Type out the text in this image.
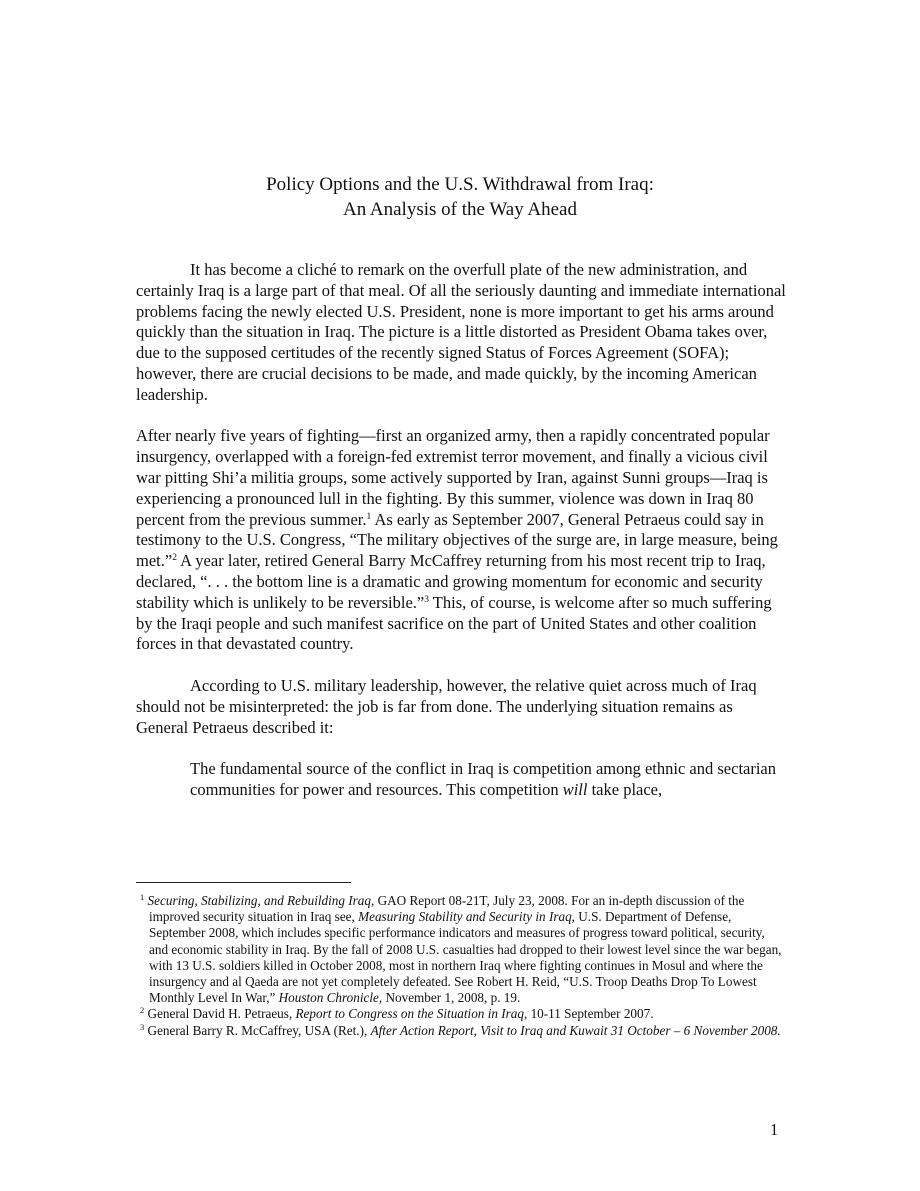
Policy Options and the U.S. Withdrawal from Iraq:
An Analysis of the Way Ahead

It has become a cliché to remark on the overfull plate of the new administration, and certainly Iraq is a large part of that meal. Of all the seriously daunting and immediate international problems facing the newly elected U.S. President, none is more important to get his arms around quickly than the situation in Iraq. The picture is a little distorted as President Obama takes over, due to the supposed certitudes of the recently signed Status of Forces Agreement (SOFA); however, there are crucial decisions to be made, and made quickly, by the incoming American leadership.

After nearly five years of fighting—first an organized army, then a rapidly concentrated popular insurgency, overlapped with a foreign-fed extremist terror movement, and finally a vicious civil war pitting Shi’a militia groups, some actively supported by Iran, against Sunni groups—Iraq is experiencing a pronounced lull in the fighting. By this summer, violence was down in Iraq 80 percent from the previous summer.$^1$ As early as September 2007, General Petraeus could say in testimony to the U.S. Congress, “The military objectives of the surge are, in large measure, being met.”$^2$ A year later, retired General Barry McCaffrey returning from his most recent trip to Iraq, declared, “. . . the bottom line is a dramatic and growing momentum for economic and security stability which is unlikely to be reversible.”$^3$ This, of course, is welcome after so much suffering by the Iraqi people and such manifest sacrifice on the part of United States and other coalition forces in that devastated country.

According to U.S. military leadership, however, the relative quiet across much of Iraq should not be misinterpreted: the job is far from done. The underlying situation remains as General Petraeus described it:

The fundamental source of the conflict in Iraq is competition among ethnic and sectarian communities for power and resources. This competition will take place,

$^1$ Securing, Stabilizing, and Rebuilding Iraq, GAO Report 08-21T, July 23, 2008. For an in-depth discussion of the improved security situation in Iraq see, Measuring Stability and Security in Iraq, U.S. Department of Defense, September 2008, which includes specific performance indicators and measures of progress toward political, security, and economic stability in Iraq. By the fall of 2008 U.S. casualties had dropped to their lowest level since the war began, with 13 U.S. soldiers killed in October 2008, most in northern Iraq where fighting continues in Mosul and where the insurgency and al Qaeda are not yet completely defeated. See Robert H. Reid, “U.S. Troop Deaths Drop To Lowest Monthly Level In War,” Houston Chronicle, November 1, 2008, p. 19.

$^2$ General David H. Petraeus, Report to Congress on the Situation in Iraq, 10-11 September 2007.

$^3$ General Barry R. McCaffrey, USA (Ret.), After Action Report, Visit to Iraq and Kuwait 31 October – 6 November 2008.

1
